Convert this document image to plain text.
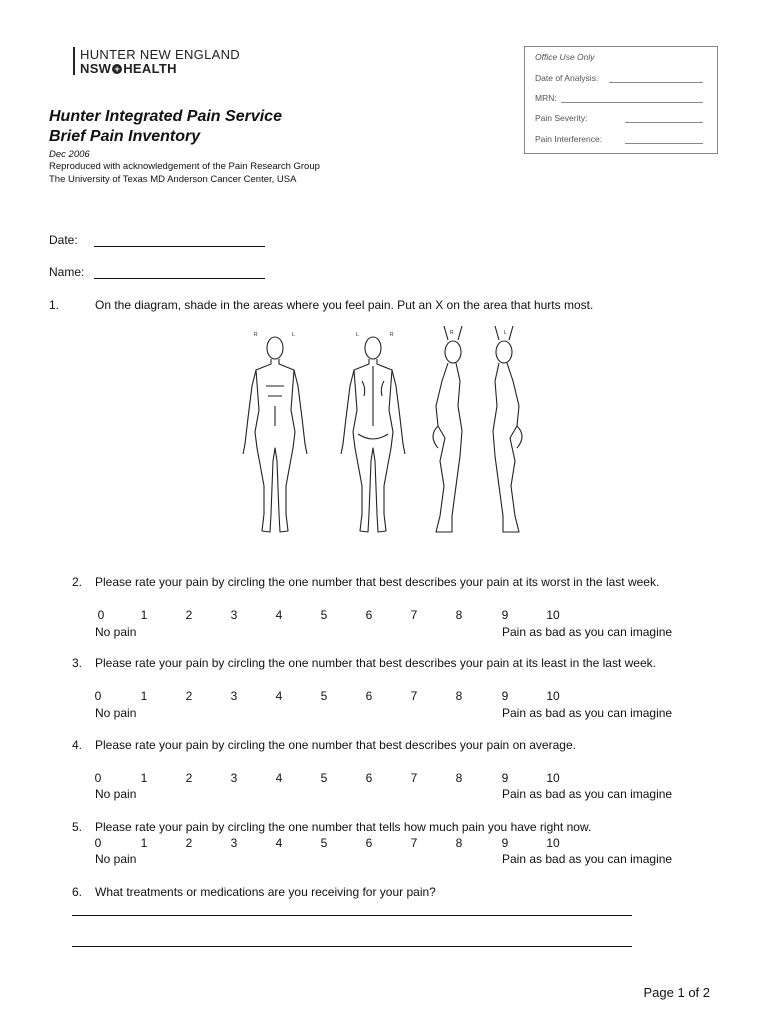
HUNTER NEW ENGLAND
NSW + HEALTH
Office Use Only
Date of Analysis:
MRN:
Pain Severity:
Pain Interference:
Hunter Integrated Pain Service
Brief Pain Inventory
Dec 2006
Reproduced with acknowledgement of the Pain Research Group
The University of Texas MD Anderson Cancer Center, USA
Date:
Name:
1.	On the diagram, shade in the areas where you feel pain. Put an X on the area that hurts most.
R	L	L	R	R	L
2. Please rate your pain by circling the one number that best describes your pain at its worst in the last week.
0	1	2	3	4	5	6	7	8	9	10
No pain	Pain as bad as you can imagine
3. Please rate your pain by circling the one number that best describes your pain at its least in the last week.
0	1	2	3	4	5	6	7	8	9	10
No pain	Pain as bad as you can imagine
4. Please rate your pain by circling the one number that best describes your pain on average.
0	1	2	3	4	5	6	7	8	9	10
No pain	Pain as bad as you can imagine
5. Please rate your pain by circling the one number that tells how much pain you have right now.
0	1	2	3	4	5	6	7	8	9	10
No pain	Pain as bad as you can imagine
6. What treatments or medications are you receiving for your pain?
Page 1 of 2
